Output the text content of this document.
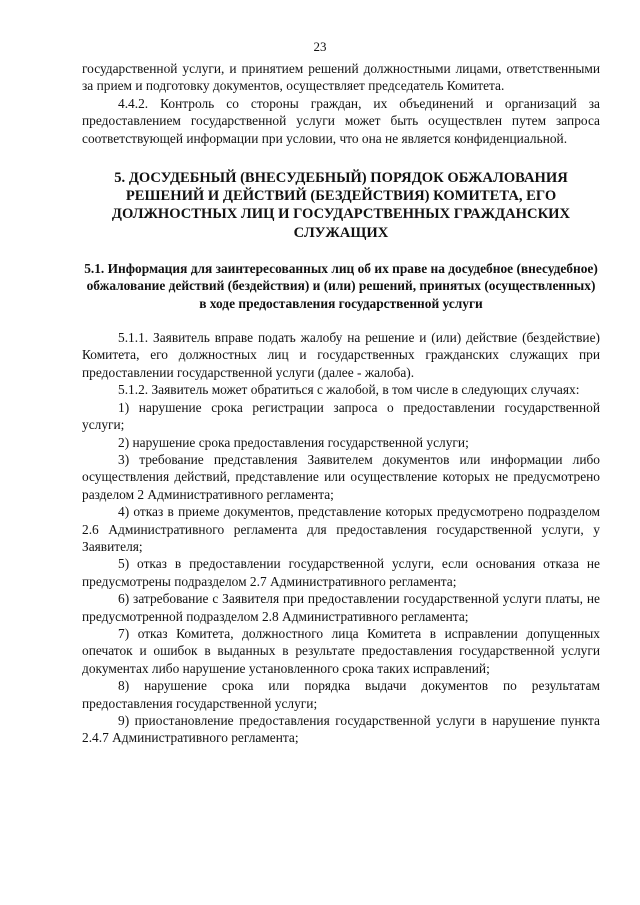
23

государственной услуги, и принятием решений должностными лицами, ответственными за прием и подготовку документов, осуществляет председатель Комитета.

4.4.2. Контроль со стороны граждан, их объединений и организаций за предоставлением государственной услуги может быть осуществлен путем запроса соответствующей информации при условии, что она не является конфиденциальной.

5. ДОСУДЕБНЫЙ (ВНЕСУДЕБНЫЙ) ПОРЯДОК ОБЖАЛОВАНИЯ РЕШЕНИЙ И ДЕЙСТВИЙ (БЕЗДЕЙСТВИЯ) КОМИТЕТА, ЕГО ДОЛЖНОСТНЫХ ЛИЦ И ГОСУДАРСТВЕННЫХ ГРАЖДАНСКИХ СЛУЖАЩИХ
5.1. Информация для заинтересованных лиц об их праве на досудебное (внесудебное) обжалование действий (бездействия) и (или) решений, принятых (осуществленных) в ходе предоставления государственной услуги

5.1.1. Заявитель вправе подать жалобу на решение и (или) действие (бездействие) Комитета, его должностных лиц и государственных гражданских служащих при предоставлении государственной услуги (далее - жалоба).

5.1.2. Заявитель может обратиться с жалобой, в том числе в следующих случаях:

1) нарушение срока регистрации запроса о предоставлении государственной услуги;

2) нарушение срока предоставления государственной услуги;

3) требование представления Заявителем документов или информации либо осуществления действий, представление или осуществление которых не предусмотрено разделом 2 Административного регламента;

4) отказ в приеме документов, представление которых предусмотрено подразделом 2.6 Административного регламента для предоставления государственной услуги, у Заявителя;

5) отказ в предоставлении государственной услуги, если основания отказа не предусмотрены подразделом 2.7 Административного регламента;

6) затребование с Заявителя при предоставлении государственной услуги платы, не предусмотренной подразделом 2.8 Административного регламента;

7) отказ Комитета, должностного лица Комитета в исправлении допущенных опечаток и ошибок в выданных в результате предоставления государственной услуги документах либо нарушение установленного срока таких исправлений;

8) нарушение срока или порядка выдачи документов по результатам предоставления государственной услуги;

9) приостановление предоставления государственной услуги в нарушение пункта 2.4.7 Административного регламента;
